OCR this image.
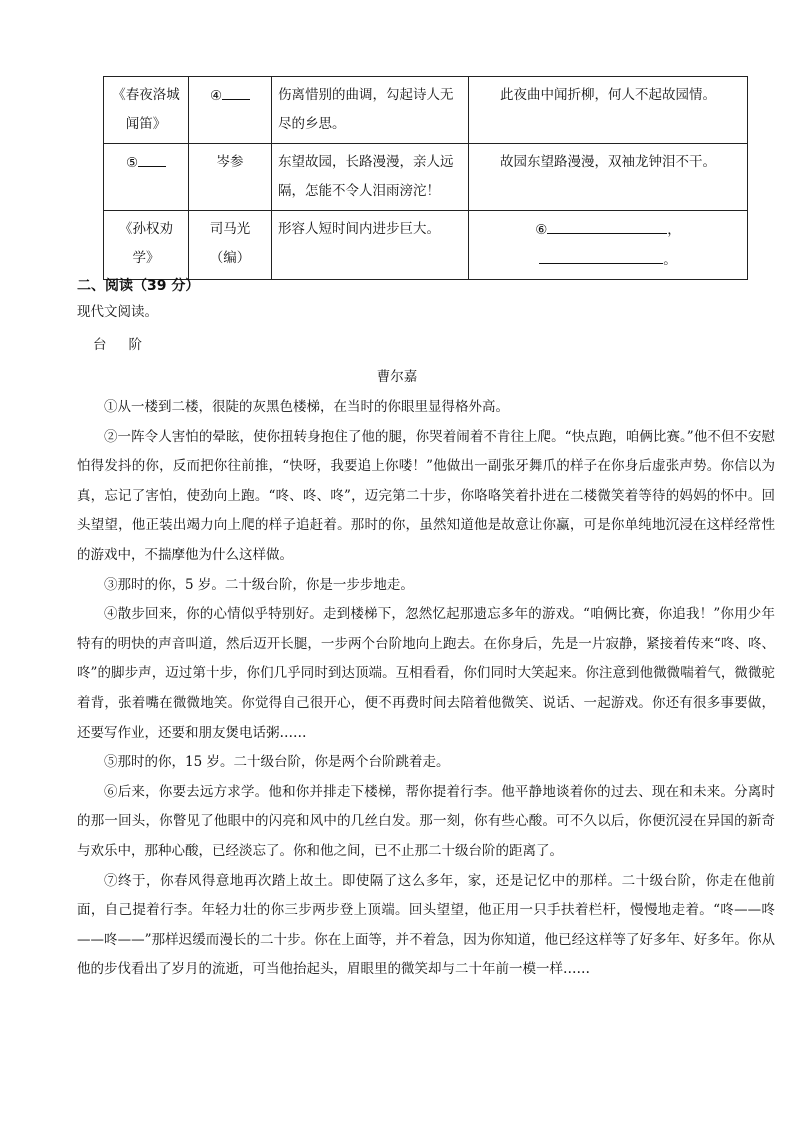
《春夜洛城闻笛》	④	伤离惜别的曲调，勾起诗人无尽的乡思。	此夜曲中闻折柳，何人不起故园情。
⑤	岑参	东望故园，长路漫漫，亲人远隔，怎能不令人泪雨滂沱！	故园东望路漫漫，双袖龙钟泪不干。
《孙权劝学》	司马光（编）	形容人短时间内进步巨大。	⑥ ，
。
二、阅读（39 分）
现代文阅读。
台 阶
曹尔嘉

①从一楼到二楼，很陡的灰黑色楼梯，在当时的你眼里显得格外高。

②一阵令人害怕的晕眩，使你扭转身抱住了他的腿，你哭着闹着不肯往上爬。“快点跑，咱俩比赛。”他不但不安慰怕得发抖的你，反而把你往前推，“快呀，我要追上你喽！”他做出一副张牙舞爪的样子在你身后虚张声势。你信以为真，忘记了害怕，使劲向上跑。“咚、咚、咚”，迈完第二十步，你咯咯笑着扑进在二楼微笑着等待的妈妈的怀中。回头望望，他正装出竭力向上爬的样子追赶着。那时的你，虽然知道他是故意让你赢，可是你单纯地沉浸在这样经常性的游戏中，不揣摩他为什么这样做。

③那时的你，5 岁。二十级台阶，你是一步步地走。

④散步回来，你的心情似乎特别好。走到楼梯下，忽然忆起那遗忘多年的游戏。“咱俩比赛，你追我！”你用少年特有的明快的声音叫道，然后迈开长腿，一步两个台阶地向上跑去。在你身后，先是一片寂静，紧接着传来“咚、咚、咚”的脚步声，迈过第十步，你们几乎同时到达顶端。互相看看，你们同时大笑起来。你注意到他微微喘着气，微微驼着背，张着嘴在微微地笑。你觉得自己很开心，便不再费时间去陪着他微笑、说话、一起游戏。你还有很多事要做，还要写作业，还要和朋友煲电话粥……

⑤那时的你，15 岁。二十级台阶，你是两个台阶跳着走。

⑥后来，你要去远方求学。他和你并排走下楼梯，帮你提着行李。他平静地谈着你的过去、现在和未来。分离时的那一回头，你瞥见了他眼中的闪亮和风中的几丝白发。那一刻，你有些心酸。可不久以后，你便沉浸在异国的新奇与欢乐中，那种心酸，已经淡忘了。你和他之间，已不止那二十级台阶的距离了。

⑦终于，你春风得意地再次踏上故土。即使隔了这么多年，家，还是记忆中的那样。二十级台阶，你走在他前面，自己提着行李。年轻力壮的你三步两步登上顶端。回头望望，他正用一只手扶着栏杆，慢慢地走着。“咚——咚——咚——”那样迟缓而漫长的二十步。你在上面等，并不着急，因为你知道，他已经这样等了好多年、好多年。你从他的步伐看出了岁月的流逝，可当他抬起头，眉眼里的微笑却与二十年前一模一样……
